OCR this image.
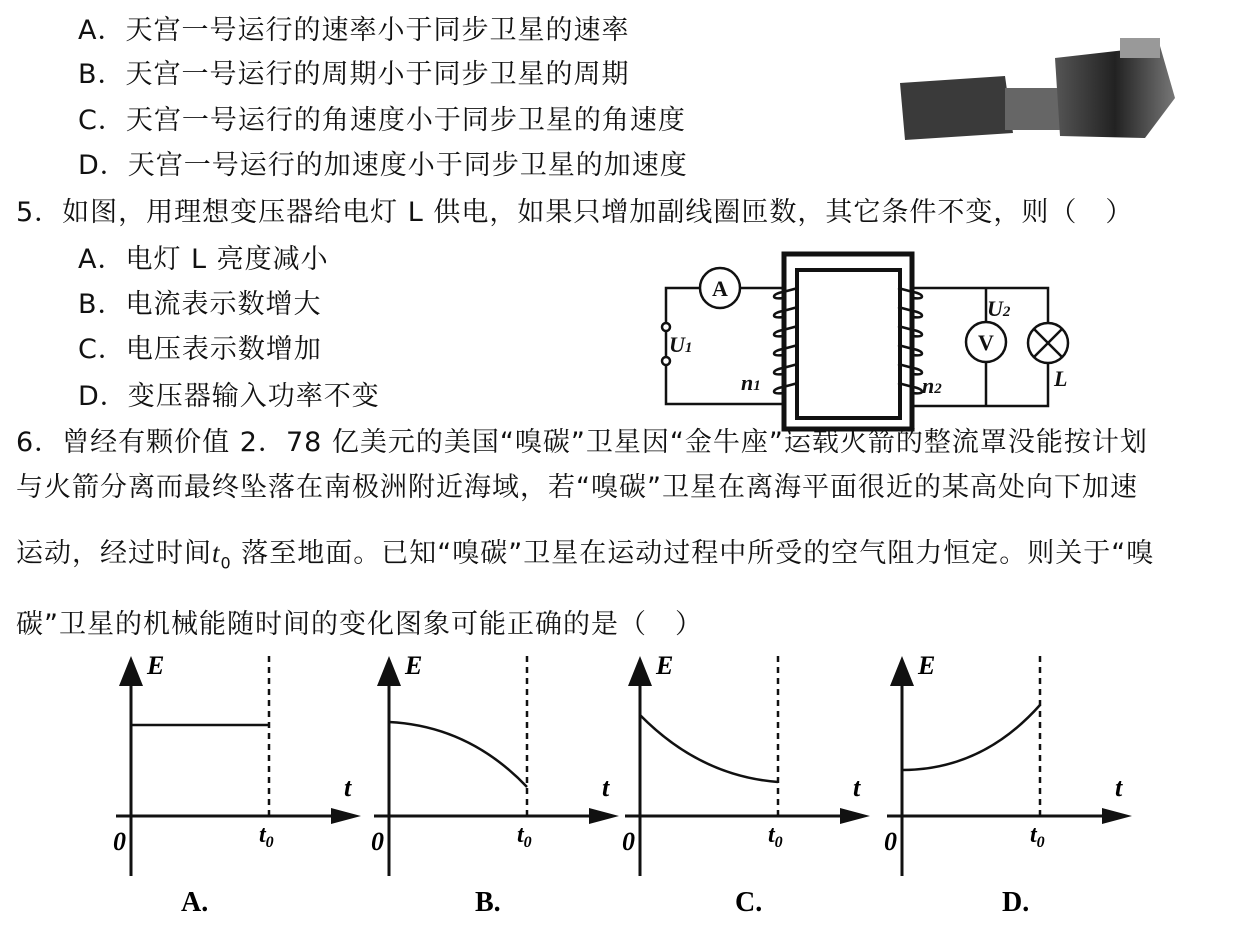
A．天宫一号运行的速率小于同步卫星的速率
B．天宫一号运行的周期小于同步卫星的周期
C．天宫一号运行的角速度小于同步卫星的角速度
D．天宫一号运行的加速度小于同步卫星的加速度
5．如图，用理想变压器给电灯 L 供电，如果只增加副线圈匝数，其它条件不变，则（　）
A．电灯 L 亮度减小
B．电流表示数增大
C．电压表示数增加
D．变压器输入功率不变
A
V
U1
U2
n1	n2	L
6．曾经有颗价值 2．78 亿美元的美国“嗅碳”卫星因“金牛座”运载火箭的整流罩没能按计划
与火箭分离而最终坠落在南极洲附近海域，若“嗅碳”卫星在离海平面很近的某高处向下加速
运动，经过时间$t_0$ 落至地面。已知“嗅碳”卫星在运动过程中所受的空气阻力恒定。则关于“嗅
碳”卫星的机械能随时间的变化图象可能正确的是（　）
E
t
0	$t_0$
A.
E
t
0	$t_0$
B.
E
t
0	$t_0$
C.
E
t
0	$t_0$
D.
